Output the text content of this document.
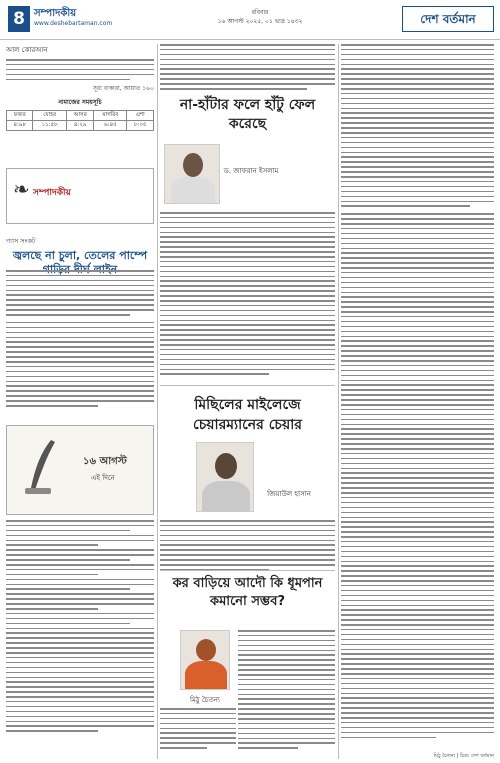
8 সম্পাদকীয়
www.deshebartaman.com
রবিবার
১৬ আগস্ট ২০২৫, ০১ ভাদ্র ১৪৩২	দেশ বর্তমান
আল কোরআন
সূরা বাকারা, আয়াত ১৬০
নামাজের সময়সূচি
ফজর	যোহর	আসর	মাগরিব	এশা
৪:৯৮	১১:৫৮	৪:২৯	৬:৪৫	৮:০৫
❧ সম্পাদকীয়
গ্যাস সংকট
জ্বলছে না চুলা, তেলের পাম্পে
১৬ আগস্ট
এই দিনে
না-হাঁটার ফলে হাঁটু ফেল করেছে
ড. জাফরান ইসলাম
মিছিলের মাইলেজে চেয়ারম্যানের চেয়ার
জিয়াউল হাসান
কর বাড়িয়ে আদৌ কি ধূমপান কমানো সম্ভব?
মিঠু চৈতন্য
মিঠু চৈতন্য | চিত্র: দেশ বর্তমান
